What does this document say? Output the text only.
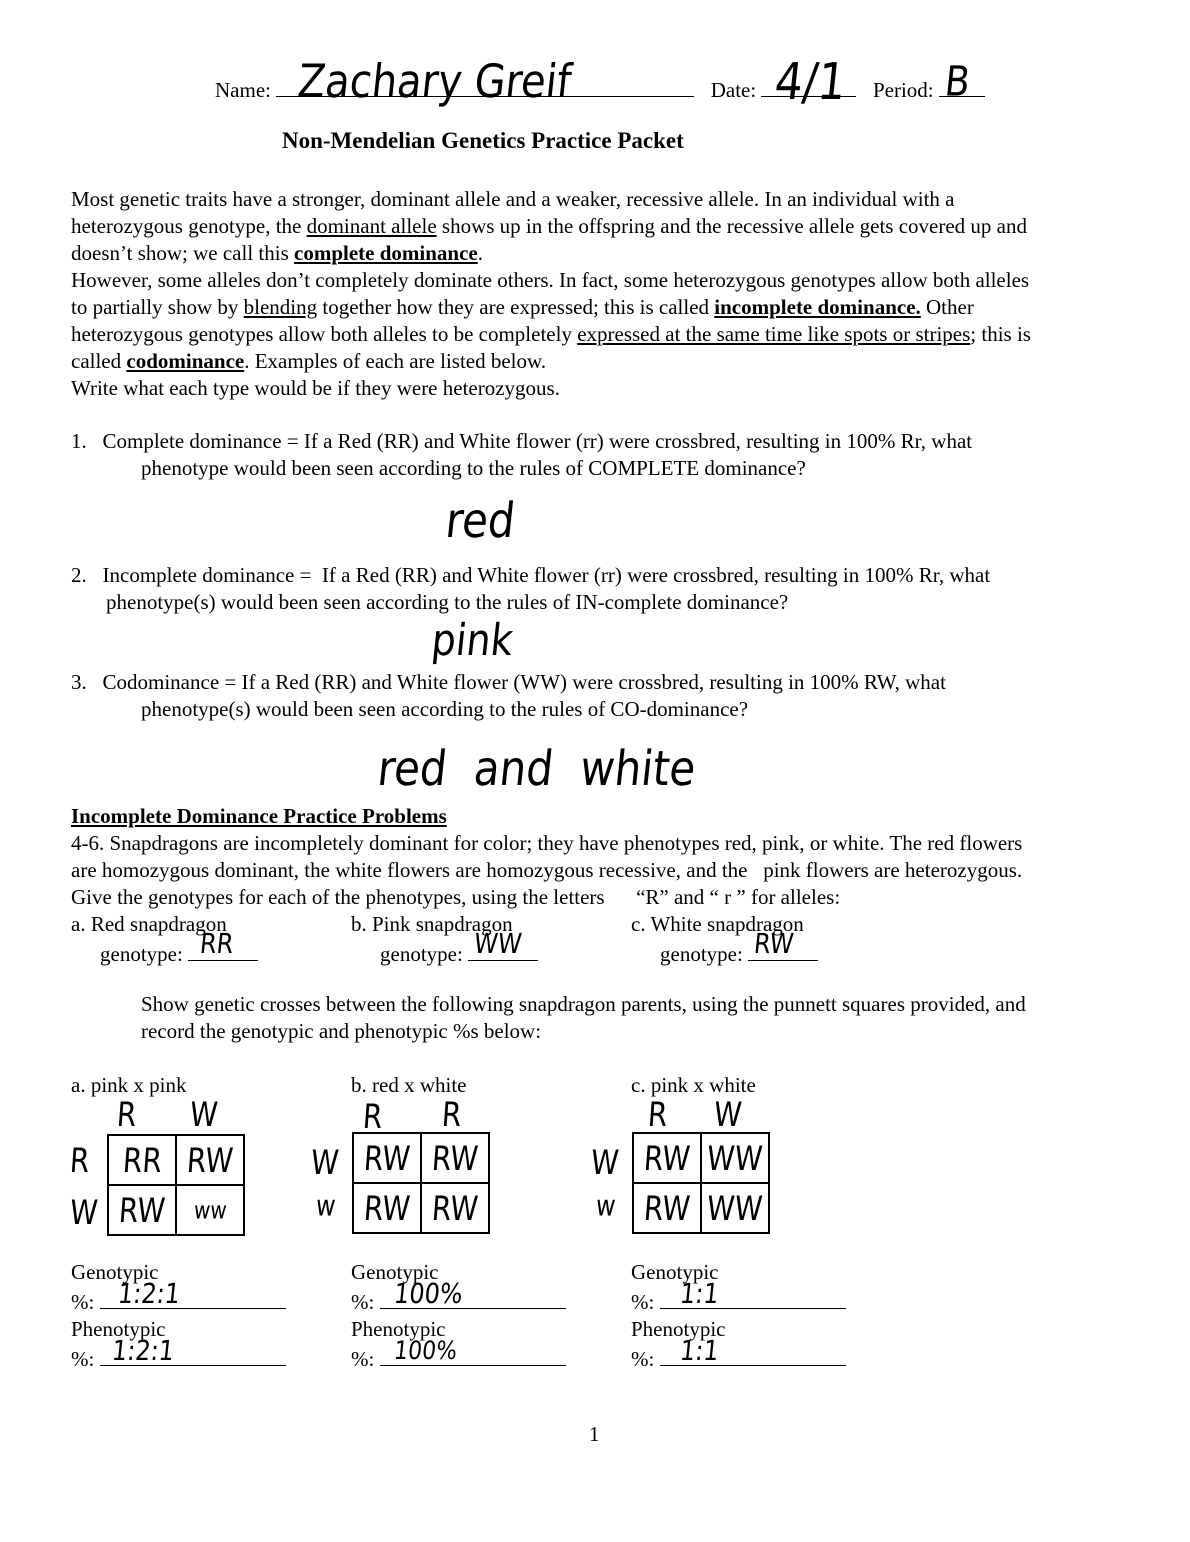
Name: Zachary Greif	Date: 4/1 Period: B
Non-Mendelian Genetics Practice Packet
Most genetic traits have a stronger, dominant allele and a weaker, recessive allele. In an individual with a
heterozygous genotype, the dominant allele shows up in the offspring and the recessive allele gets covered up and
doesn’t show; we call this complete dominance.
However, some alleles don’t completely dominate others. In fact, some heterozygous genotypes allow both alleles
to partially show by blending together how they are expressed; this is called incomplete dominance. Other
heterozygous genotypes allow both alleles to be completely expressed at the same time like spots or stripes; this is
called codominance. Examples of each are listed below.
Write what each type would be if they were heterozygous.
1.   Complete dominance = If a Red (RR) and White flower (rr) were crossbred, resulting in 100% Rr, what
phenotype would been seen according to the rules of COMPLETE dominance?
red
2.   Incomplete dominance =  If a Red (RR) and White flower (rr) were crossbred, resulting in 100% Rr, what
phenotype(s) would been seen according to the rules of IN-complete dominance?
pink
3.   Codominance = If a Red (RR) and White flower (WW) were crossbred, resulting in 100% RW, what
phenotype(s) would been seen according to the rules of CO-dominance?
red and white
Incomplete Dominance Practice Problems
4-6. Snapdragons are incompletely dominant for color; they have phenotypes red, pink, or white. The red flowers
are homozygous dominant, the white flowers are homozygous recessive, and the   pink flowers are heterozygous.
Give the genotypes for each of the phenotypes, using the letters      “R” and “ r ” for alleles:
a. Red snapdragon
genotype: RR
b. Pink snapdragon
genotype: WW
c. White snapdragon
genotype: RW
Show genetic crosses between the following snapdragon parents, using the punnett squares provided, and
record the genotypic and phenotypic %s below:
a. pink x pink
R W
R
W
RR	RW
RW	ww
Genotypic
%: 1:2:1
Phenotypic
%: 1:2:1
b. red x white
R R
W
w
RW	RW
RW	RW
Genotypic
%: 100%
Phenotypic
%: 100%
c. pink x white
R W
W
w
RW	WW
RW	WW
Genotypic
%: 1:1
Phenotypic
%: 1:1
1
